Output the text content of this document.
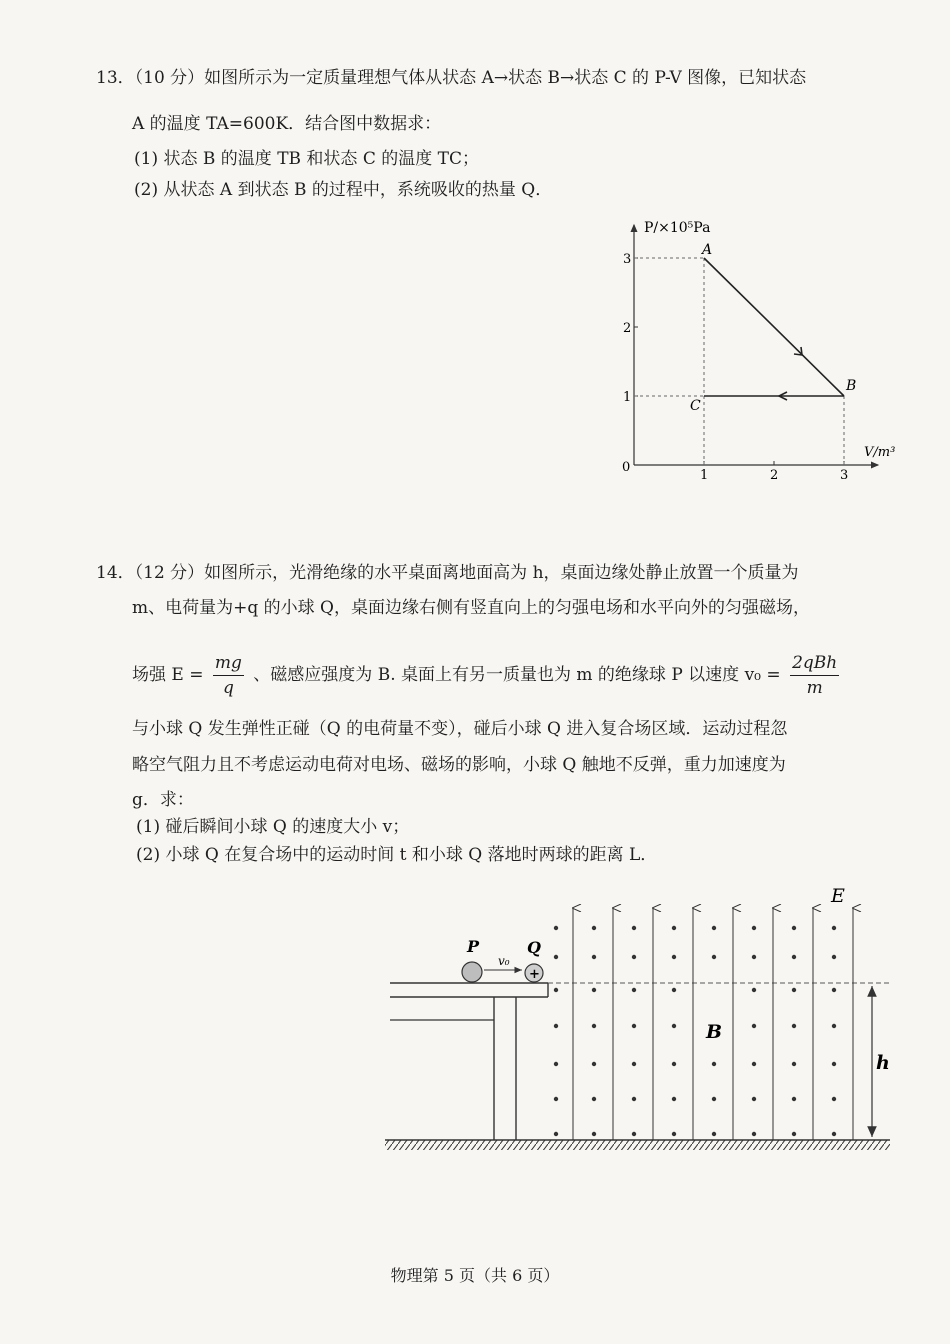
13．（10 分）如图所示为一定质量理想气体从状态 A→状态 B→状态 C 的 P-V 图像，已知状态
A 的温度 TA=600K．结合图中数据求：
(1) 状态 B 的温度 TB 和状态 C 的温度 TC；
(2) 从状态 A 到状态 B 的过程中，系统吸收的热量 Q．
P/×10⁵Pa
V/m³
0
1
2
3
1	2	3
A
B
C
14．（12 分）如图所示，光滑绝缘的水平桌面离地面高为 h，桌面边缘处静止放置一个质量为
m、电荷量为+q 的小球 Q，桌面边缘右侧有竖直向上的匀强电场和水平向外的匀强磁场，
场强 $E = \frac{mg}{q}$ 、磁感应强度为 B. 桌面上有另一质量也为 m 的绝缘球 P 以速度 $v_0 = \frac{\text{2qBh}}{m}$
与小球 Q 发生弹性正碰（Q 的电荷量不变），碰后小球 Q 进入复合场区域．运动过程忽
略空气阻力且不考虑运动电荷对电场、磁场的影响，小球 Q 触地不反弹，重力加速度为
g．求：
(1) 碰后瞬间小球 Q 的速度大小 v；
(2) 小球 Q 在复合场中的运动时间 t 和小球 Q 落地时两球的距离 L．
P
v₀
+
Q
E
B
h
物理第 5 页（共 6 页）
